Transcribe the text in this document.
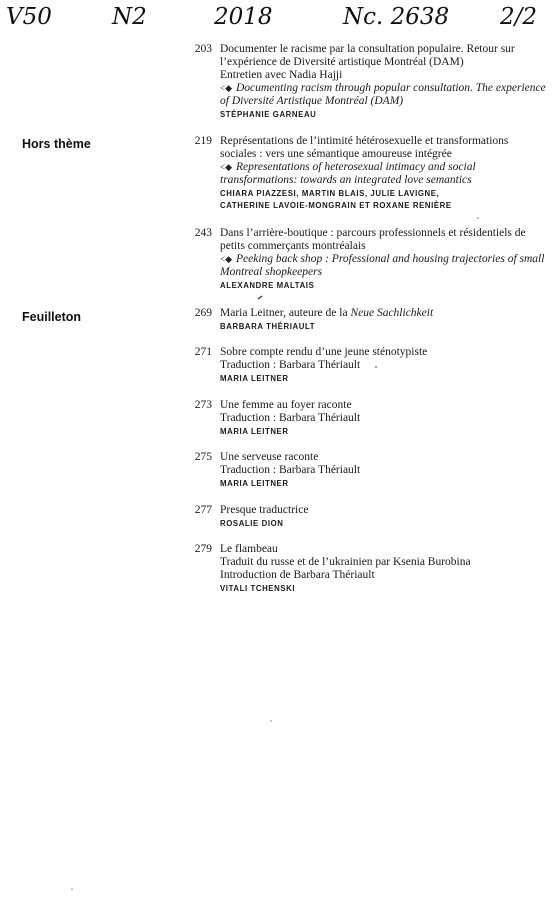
V50	N2	2018	Nc. 2638 2/2
Hors thème
Feuilleton
203 Documenter le racisme par la consultation populaire. Retour sur
l’expérience de Diversité artistique Montréal (DAM)
Entretien avec Nadia Hajji
<◆ Documenting racism through popular consultation. The experience
of Diversité Artistique Montréal (DAM)
STÉPHANIE GARNEAU
219 Représentations de l’intimité hétérosexuelle et transformations
sociales : vers une sémantique amoureuse intégrée
<◆ Representations of heterosexual intimacy and social
transformations: towards an integrated love semantics
CHIARA PIAZZESI, MARTIN BLAIS, JULIE LAVIGNE,
CATHERINE LAVOIE-MONGRAIN ET ROXANE RENIÈRE
243 Dans l’arrière-boutique : parcours professionnels et résidentiels de
petits commerçants montréalais
<◆ Peeking back shop : Professional and housing trajectories of small
Montreal shopkeepers
ALEXANDRE MALTAIS
269 Maria Leitner, auteure de la Neue Sachlichkeit
BARBARA THÉRIAULT
271 Sobre compte rendu d’une jeune sténotypiste
Traduction : Barbara Thériault
MARIA LEITNER
273 Une femme au foyer raconte
Traduction : Barbara Thériault
MARIA LEITNER
275 Une serveuse raconte
Traduction : Barbara Thériault
MARIA LEITNER
277 Presque traductrice
ROSALIE DION
279 Le flambeau
Traduit du russe et de l’ukrainien par Ksenia Burobina
Introduction de Barbara Thériault
VITALI TCHENSKI
